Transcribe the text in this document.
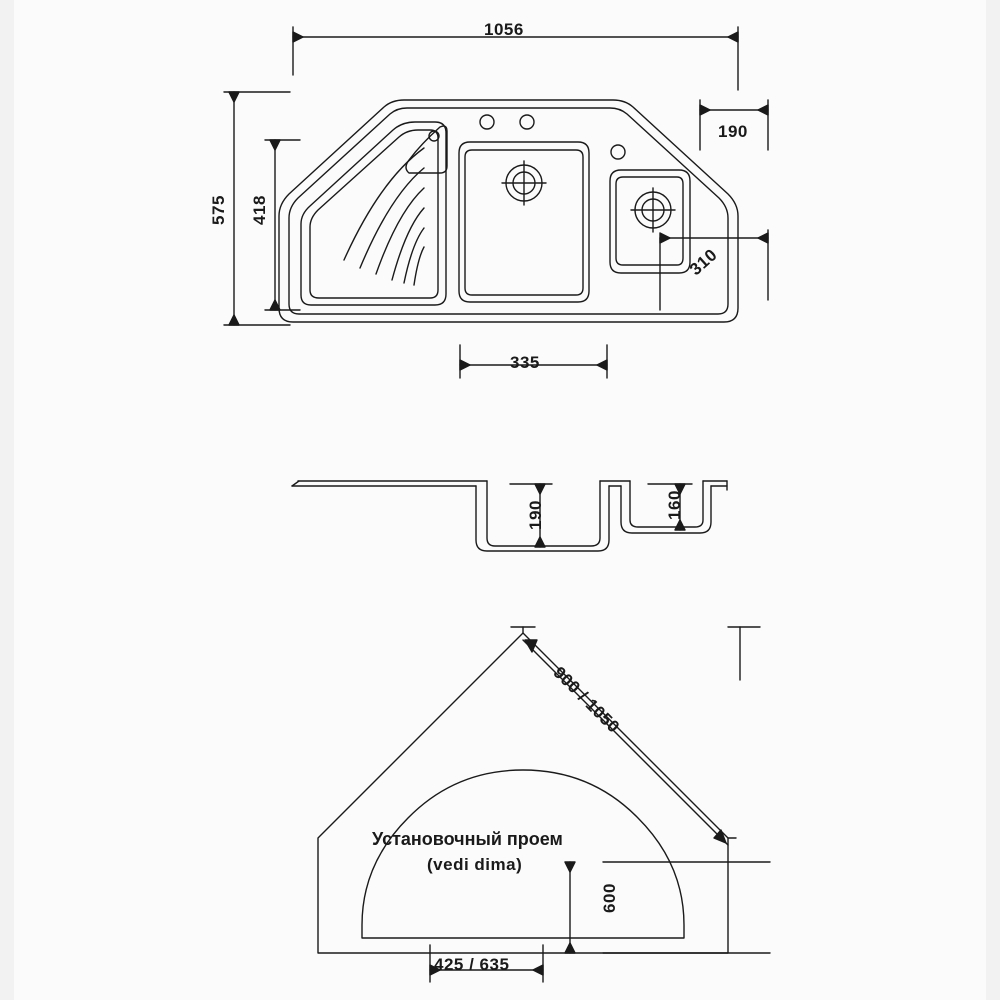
1056
575 418
190
310
335
190	160
900 / 1050
600
425 / 635
Установочный проем
(vedi dima)
